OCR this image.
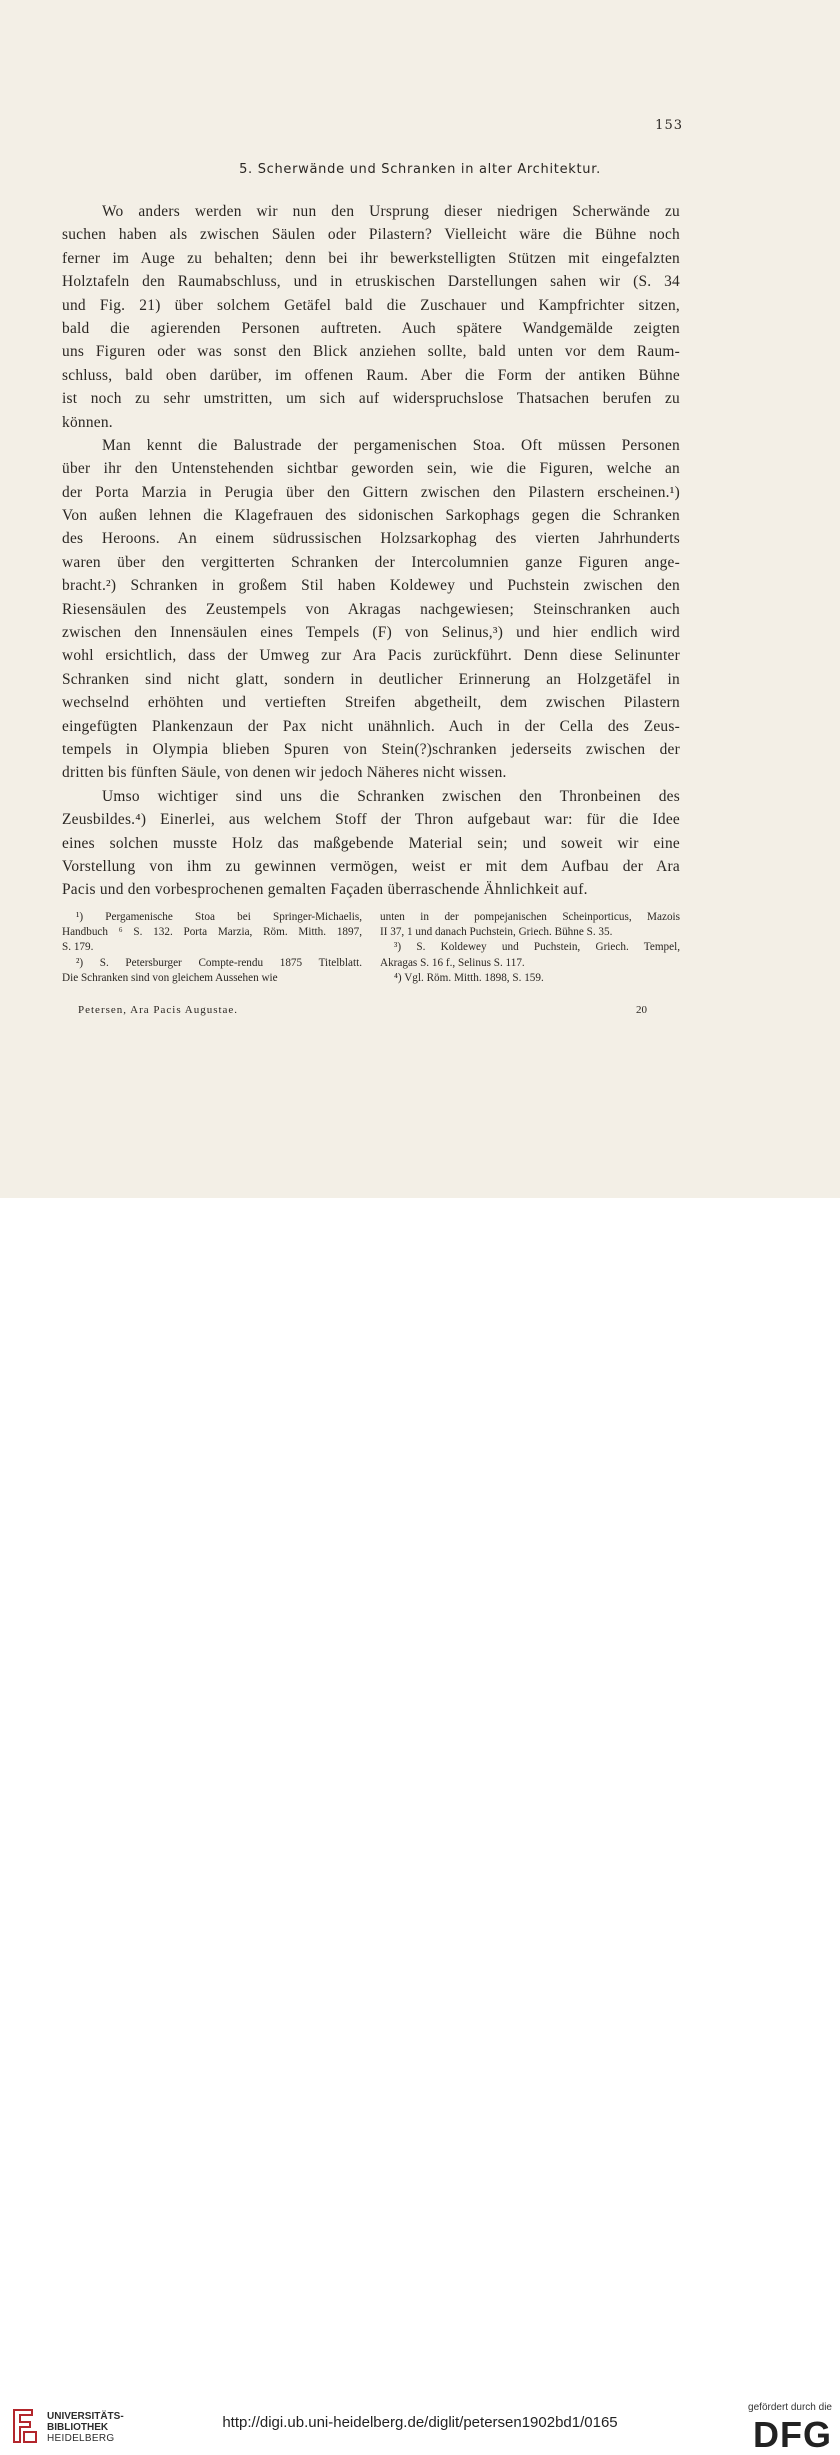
153
5. Scherwände und Schranken in alter Architektur.

Wo anders werden wir nun den Ursprung dieser niedrigen Scherwände zu
suchen haben als zwischen Säulen oder Pilastern? Vielleicht wäre die Bühne noch
ferner im Auge zu behalten; denn bei ihr bewerkstelligten Stützen mit eingefalzten
Holztafeln den Raumabschluss, und in etruskischen Darstellungen sahen wir (S. 34
und Fig. 21) über solchem Getäfel bald die Zuschauer und Kampfrichter sitzen,
bald die agierenden Personen auftreten. Auch spätere Wandgemälde zeigten
uns Figuren oder was sonst den Blick anziehen sollte, bald unten vor dem Raum-
schluss, bald oben darüber, im offenen Raum. Aber die Form der antiken Bühne
ist noch zu sehr umstritten, um sich auf widerspruchslose Thatsachen berufen zu
können.

Man kennt die Balustrade der pergamenischen Stoa. Oft müssen Personen
über ihr den Untenstehenden sichtbar geworden sein, wie die Figuren, welche an
der Porta Marzia in Perugia über den Gittern zwischen den Pilastern erscheinen.¹)
Von außen lehnen die Klagefrauen des sidonischen Sarkophags gegen die Schranken
des Heroons. An einem südrussischen Holzsarkophag des vierten Jahrhunderts
waren über den vergitterten Schranken der Intercolumnien ganze Figuren ange-
bracht.²) Schranken in großem Stil haben Koldewey und Puchstein zwischen den
Riesensäulen des Zeustempels von Akragas nachgewiesen; Steinschranken auch
zwischen den Innensäulen eines Tempels (F) von Selinus,³) und hier endlich wird
wohl ersichtlich, dass der Umweg zur Ara Pacis zurückführt. Denn diese Selinunter
Schranken sind nicht glatt, sondern in deutlicher Erinnerung an Holzgetäfel in
wechselnd erhöhten und vertieften Streifen abgetheilt, dem zwischen Pilastern
eingefügten Plankenzaun der Pax nicht unähnlich. Auch in der Cella des Zeus-
tempels in Olympia blieben Spuren von Stein(?)schranken jederseits zwischen der
dritten bis fünften Säule, von denen wir jedoch Näheres nicht wissen.

Umso wichtiger sind uns die Schranken zwischen den Thronbeinen des
Zeusbildes.⁴) Einerlei, aus welchem Stoff der Thron aufgebaut war: für die Idee
eines solchen musste Holz das maßgebende Material sein; und soweit wir eine
Vorstellung von ihm zu gewinnen vermögen, weist er mit dem Aufbau der Ara
Pacis und den vorbesprochenen gemalten Façaden überraschende Ähnlichkeit auf.

¹) Pergamenische Stoa bei Springer-Michaelis,
Handbuch ⁶ S. 132. Porta Marzia, Röm. Mitth. 1897,
S. 179.
²) S. Petersburger Compte-rendu 1875 Titelblatt.
Die Schranken sind von gleichem Aussehen wie
unten in der pompejanischen Scheinporticus, Mazois
II 37, 1 und danach Puchstein, Griech. Bühne S. 35.
³) S. Koldewey und Puchstein, Griech. Tempel,
Akragas S. 16 f., Selinus S. 117.
⁴) Vgl. Röm. Mitth. 1898, S. 159.
Petersen, Ara Pacis Augustae.	20
UNIVERSITÄTS-
BIBLIOTHEK
HEIDELBERG
http://digi.ub.uni-heidelberg.de/diglit/petersen1902bd1/0165
gefördert durch die
DFG
